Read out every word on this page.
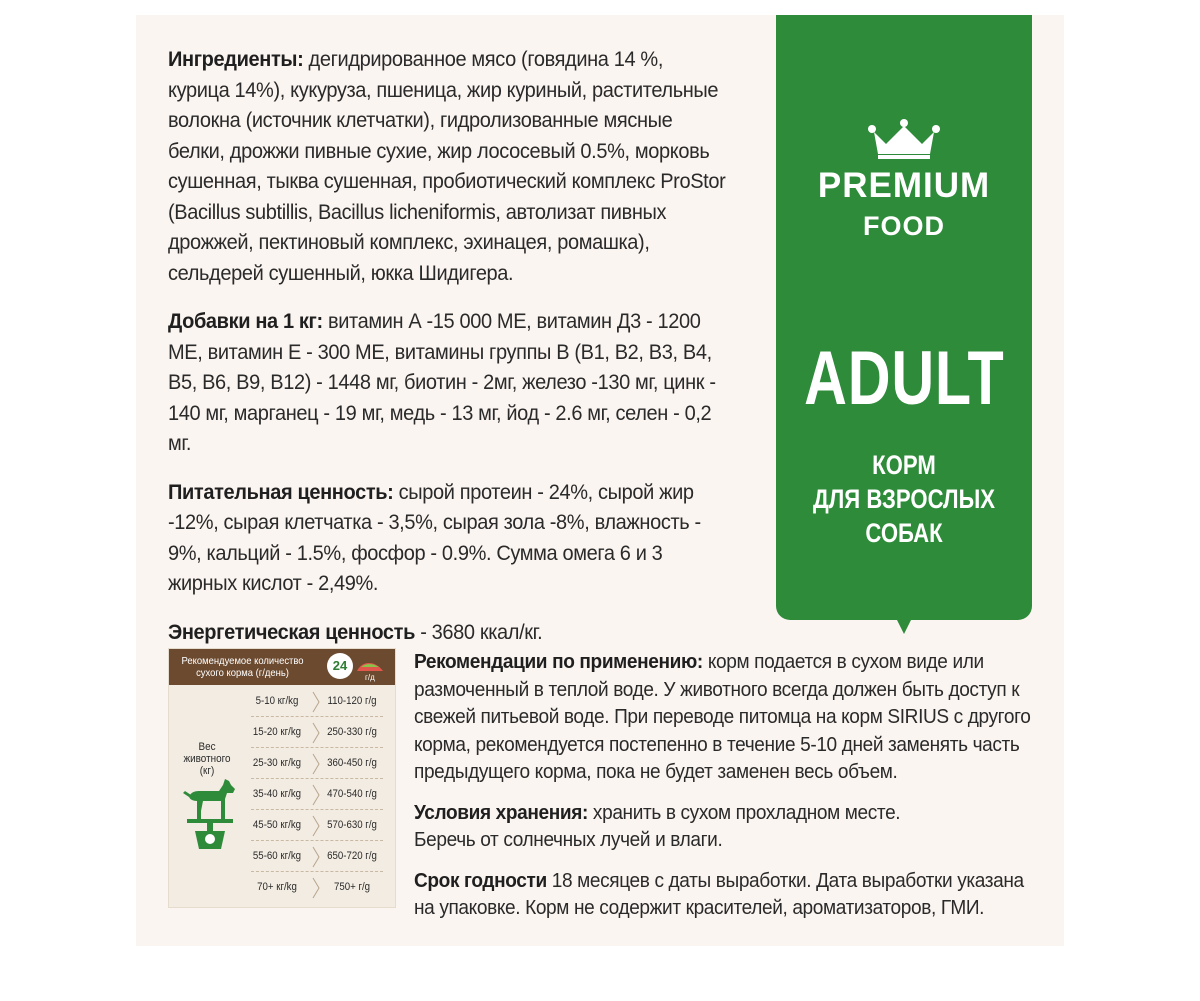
Ингредиенты: дегидрированное мясо (говядина 14 %, курица 14%), кукуруза, пшеница, жир куриный, растительные волокна (источник клетчатки), гидролизованные мясные белки, дрожжи пивные сухие, жир лососевый 0.5%, морковь сушенная, тыква сушенная, пробиотический комплекс ProStor (Bacillus subtillis, Bacillus licheniformis, автолизат пивных дрожжей, пектиновый комплекс, эхинацея, ромашка), сельдерей сушенный, юкка Шидигера.

Добавки на 1 кг: витамин А -15 000 МЕ, витамин Д3 - 1200 МЕ, витамин Е - 300 МЕ, витамины группы В (В1, В2, В3, В4, В5, В6, В9, В12) - 1448 мг, биотин - 2мг, железо -130 мг, цинк - 140 мг, марганец - 19 мг, медь - 13 мг, йод - 2.6 мг, селен - 0,2 мг.

Питательная ценность: сырой протеин - 24%, сырой жир -12%, сырая клетчатка - 3,5%, сырая зола -8%, влажность - 9%, кальций - 1.5%, фосфор - 0.9%. Сумма омега 6 и 3 жирных кислот - 2,49%.

Энергетическая ценность - 3680 ккал/кг.

PREMIUM
FOOD
ADULT
КОРМ
ДЛЯ ВЗРОСЛЫХ
СОБАК
Рекомендуемое количество сухого корма (г/день)	24
г/д
Вес
животного
(кг)
5-10 кг/kg	110-120 г/g
15-20 кг/kg	250-330 г/g
25-30 кг/kg	360-450 г/g
35-40 кг/kg	470-540 г/g
45-50 кг/kg	570-630 г/g
55-60 кг/kg	650-720 г/g
70+ кг/kg	750+ г/g

Рекомендации по применению: корм подается в сухом виде или размоченный в теплой воде. У животного всегда должен быть доступ к свежей питьевой воде. При переводе питомца на корм SIRIUS с другого корма, рекомендуется постепенно в течение 5-10 дней заменять часть предыдущего корма, пока не будет заменен весь объем.

Условия хранения: хранить в сухом прохладном месте.
Беречь от солнечных лучей и влаги.

Срок годности 18 месяцев с даты выработки. Дата выработки указана на упаковке. Корм не содержит красителей, ароматизаторов, ГМИ.
